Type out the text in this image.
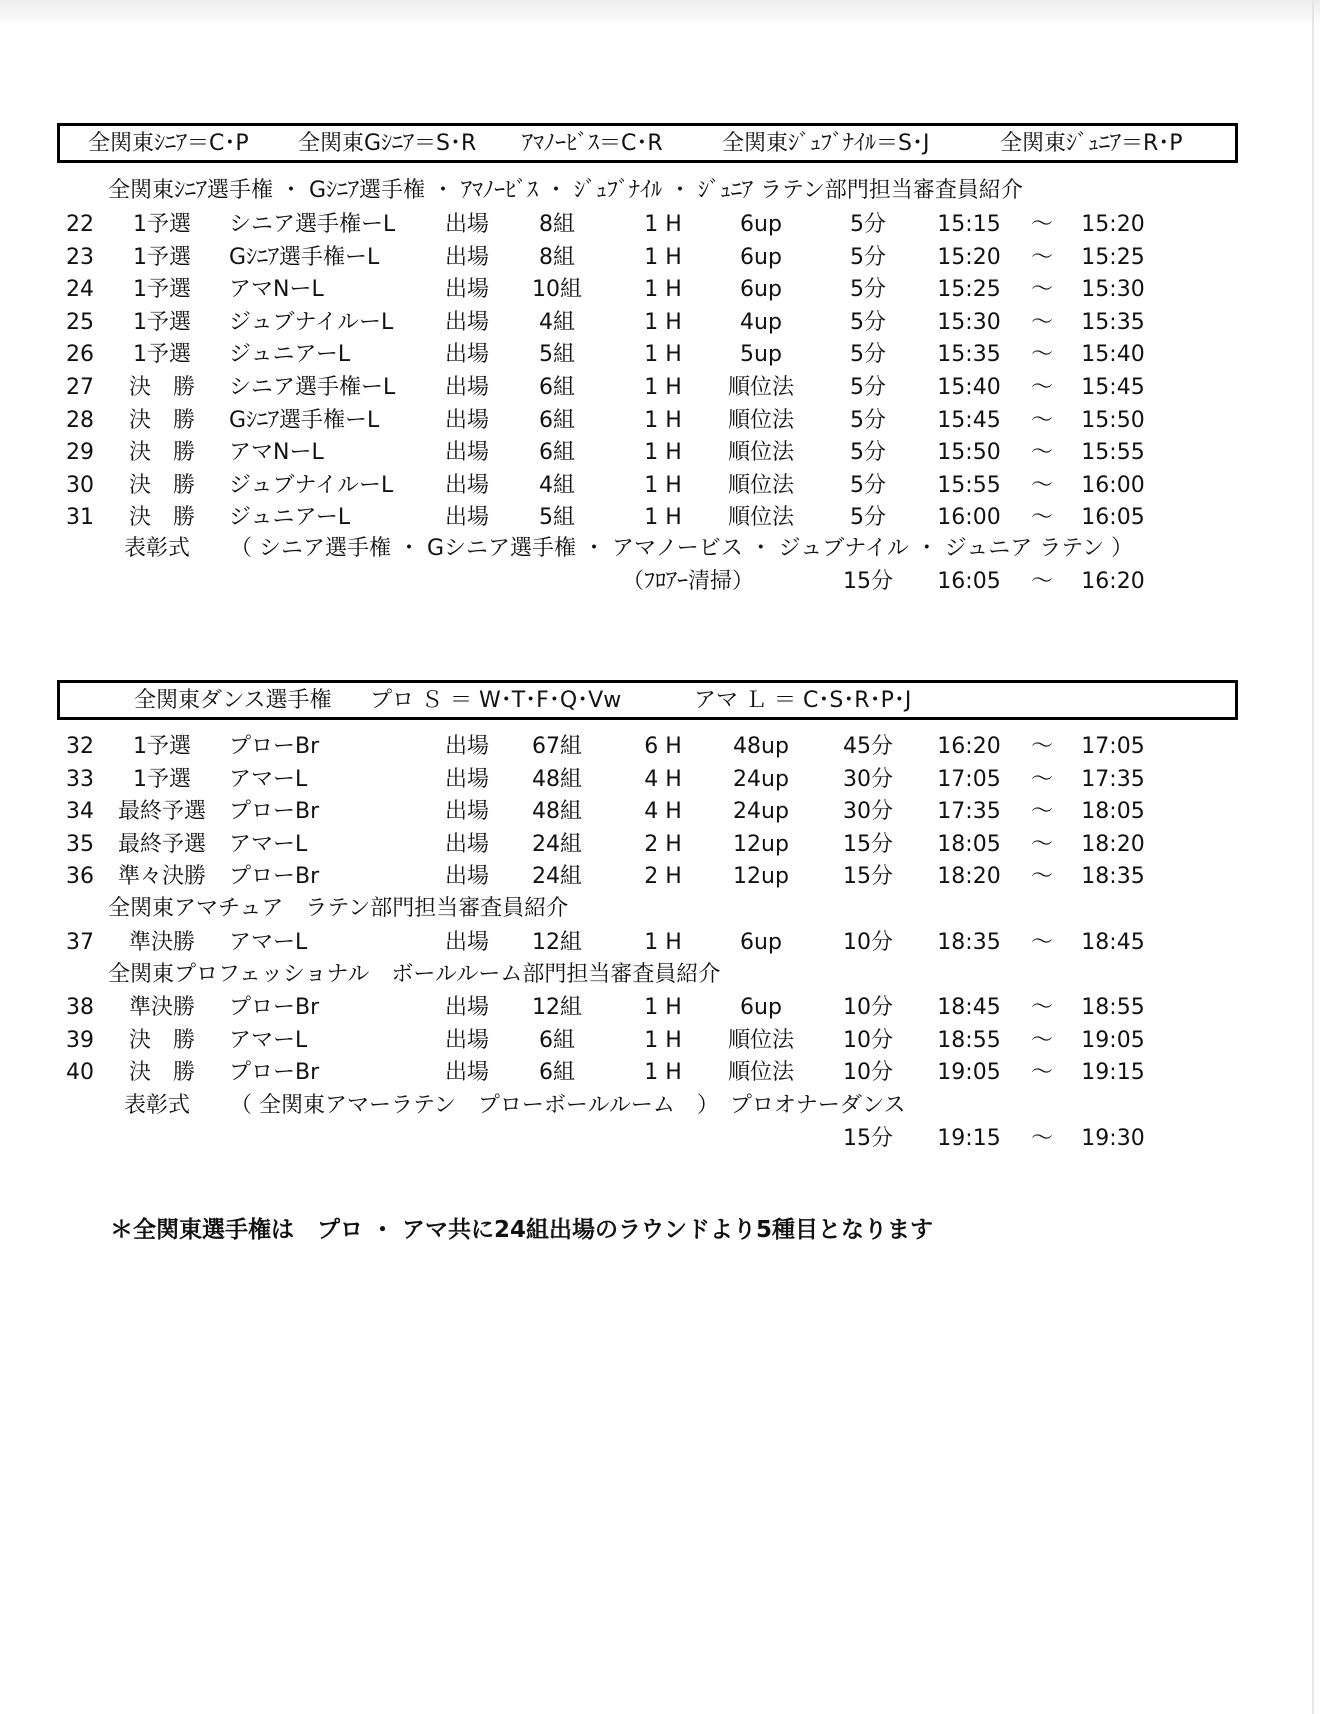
全関東ｼﾆｱ＝C･P 全関東Gｼﾆｱ＝S･R ｱﾏﾉｰﾋﾞｽ＝C･R	全関東ｼﾞｭﾌﾞﾅｲﾙ＝S･J	全関東ｼﾞｭﾆｱ＝R･P
全関東ｼﾆｱ選手権 ・ Gｼﾆｱ選手権 ・ ｱﾏﾉｰﾋﾞｽ ・ ｼﾞｭﾌﾞﾅｲﾙ ・ ｼﾞｭﾆｱ ラテン部門担当審査員紹介
22 1予選 シニア選手権ーL 出場 8組	1 H	6up	5分 15:15 ～ 15:20
23 1予選 Gｼﾆｱ選手権ーL	出場 8組	1 H	6up	5分 15:20 ～ 15:25
24 1予選 アマNーL	出場 10組	1 H	6up	5分 15:25 ～ 15:30
25 1予選 ジュブナイルーL 出場 4組	1 H	4up	5分 15:30 ～ 15:35
26 1予選 ジュニアーL	出場 5組	1 H	5up	5分 15:35 ～ 15:40
27 決　勝 シニア選手権ーL 出場 6組	1 H 順位法	5分 15:40 ～ 15:45
28 決　勝 Gｼﾆｱ選手権ーL	出場 6組	1 H 順位法	5分 15:45 ～ 15:50
29 決　勝 アマNーL	出場 6組	1 H 順位法	5分 15:50 ～ 15:55
30 決　勝 ジュブナイルーL 出場 4組	1 H 順位法	5分 15:55 ～ 16:00
31 決　勝 ジュニアーL	出場 5組	1 H 順位法	5分 16:00 ～ 16:05
表彰式 （ シニア選手権 ・ Gシニア選手権 ・ アマノービス ・ ジュブナイル ・ ジュニア ラテン ）
（ﾌﾛｱｰ清掃）	15分 16:05 ～ 16:20
全関東ダンス選手権 プロ Ｓ ＝ W･T･F･Q･Vw	アマ Ｌ ＝ C･S･R･P･J
32 1予選 プローBr	出場 67組	6 H 48up 45分 16:20 ～ 17:05
33 1予選 アマーL	出場 48組	4 H 24up 30分 17:05 ～ 17:35
34 最終予選 プローBr	出場 48組	4 H 24up 30分 17:35 ～ 18:05
35 最終予選 アマーL	出場 24組	2 H 12up 15分 18:05 ～ 18:20
36 準々決勝 プローBr	出場 24組	2 H 12up 15分 18:20 ～ 18:35
全関東アマチュア　ラテン部門担当審査員紹介
37 準決勝 アマーL	出場 12組	1 H	6up	10分 18:35 ～ 18:45
全関東プロフェッショナル　ボールルーム部門担当審査員紹介
38 準決勝 プローBr	出場 12組	1 H	6up	10分 18:45 ～ 18:55
39 決　勝 アマーL	出場 6組	1 H 順位法 10分 18:55 ～ 19:05
40 決　勝 プローBr	出場 6組	1 H 順位法 10分 19:05 ～ 19:15
表彰式 （ 全関東アマーラテン　プローボールルーム　）　プロオナーダンス
15分 19:15 ～ 19:30
＊全関東選手権は　プロ ・ アマ共に24組出場のラウンドより5種目となります
